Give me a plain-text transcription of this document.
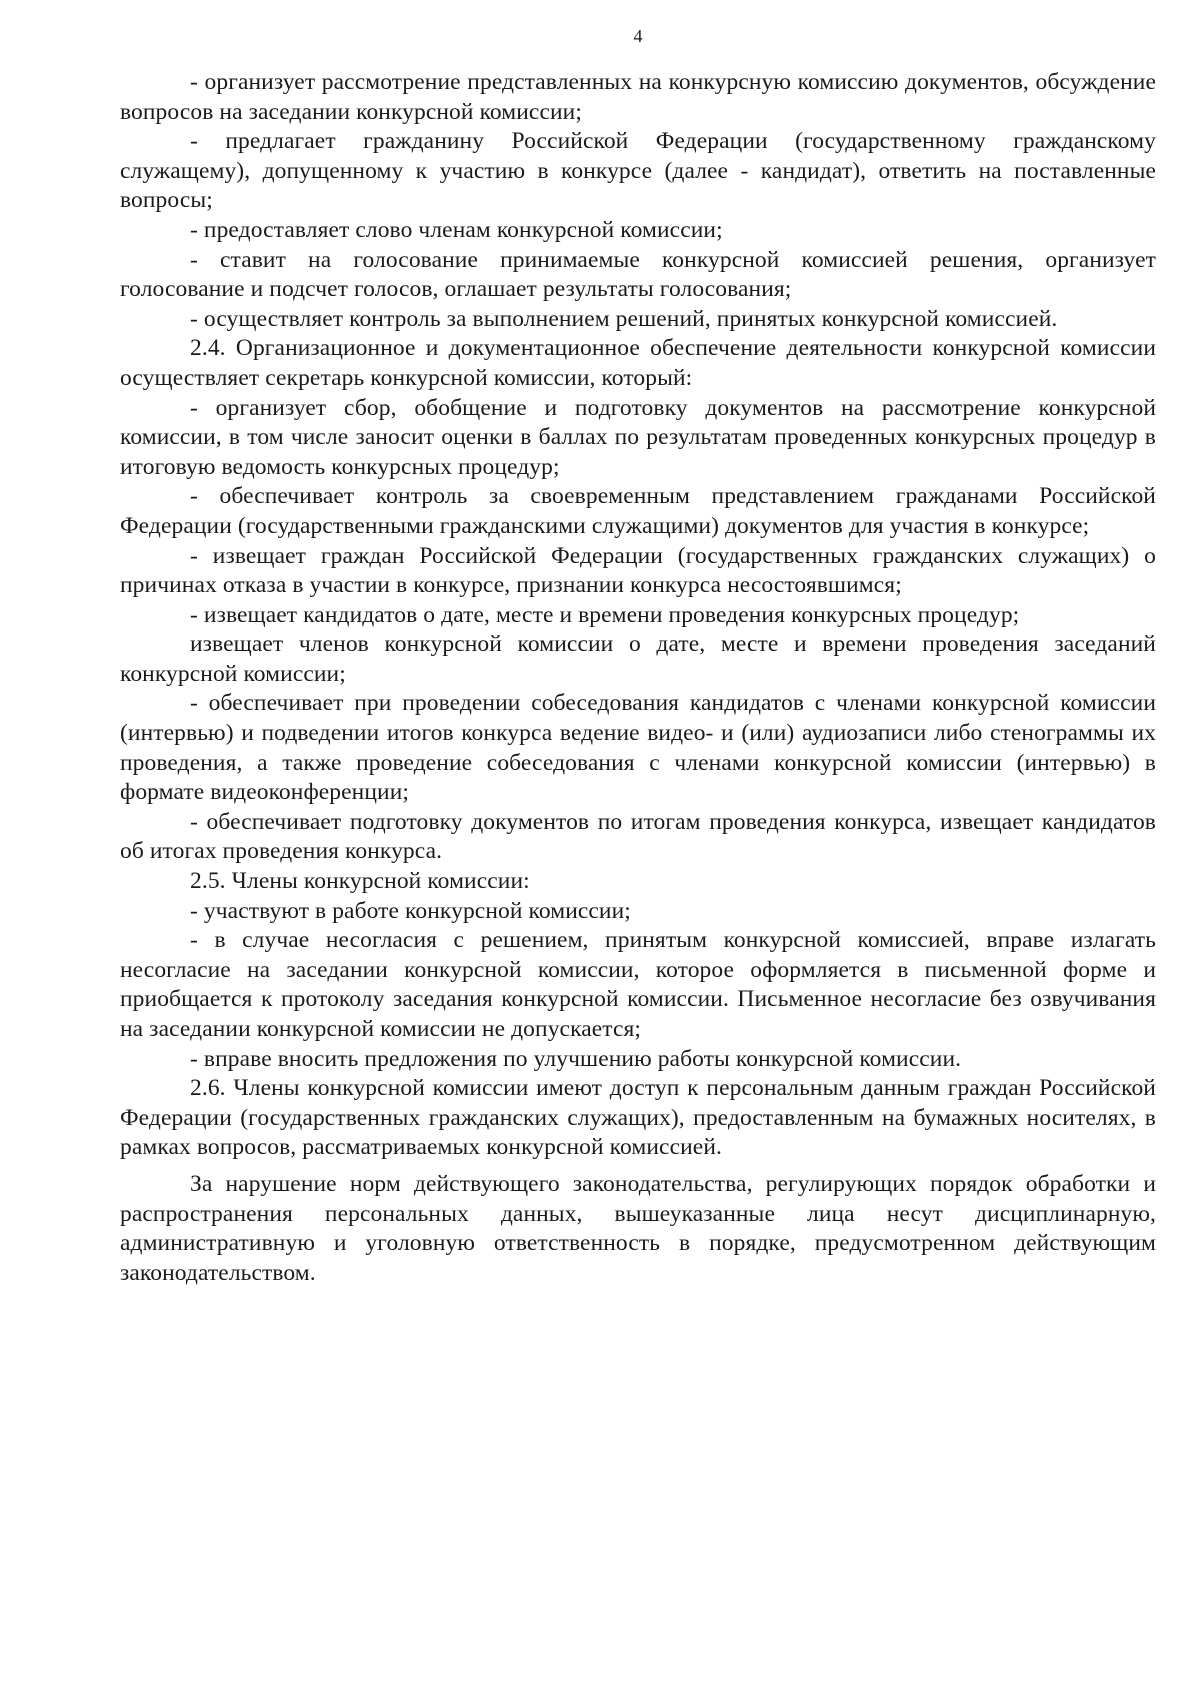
4

- организует рассмотрение представленных на конкурсную комиссию документов, обсуждение вопросов на заседании конкурсной комиссии;

- предлагает гражданину Российской Федерации (государственному гражданскому служащему), допущенному к участию в конкурсе (далее - кандидат), ответить на поставленные вопросы;

- предоставляет слово членам конкурсной комиссии;

- ставит на голосование принимаемые конкурсной комиссией решения, организует голосование и подсчет голосов, оглашает результаты голосования;

- осуществляет контроль за выполнением решений, принятых конкурсной комиссией.

2.4. Организационное и документационное обеспечение деятельности конкурсной комиссии осуществляет секретарь конкурсной комиссии, который:

- организует сбор, обобщение и подготовку документов на рассмотрение конкурсной комиссии, в том числе заносит оценки в баллах по результатам проведенных конкурсных процедур в итоговую ведомость конкурсных процедур;

- обеспечивает контроль за своевременным представлением гражданами Российской Федерации (государственными гражданскими служащими) документов для участия в конкурсе;

- извещает граждан Российской Федерации (государственных гражданских служащих) о причинах отказа в участии в конкурсе, признании конкурса несостоявшимся;

- извещает кандидатов о дате, месте и времени проведения конкурсных процедур;

извещает членов конкурсной комиссии о дате, месте и времени проведения заседаний конкурсной комиссии;

- обеспечивает при проведении собеседования кандидатов с членами конкурсной комиссии (интервью) и подведении итогов конкурса ведение видео- и (или) аудиозаписи либо стенограммы их проведения, а также проведение собеседования с членами конкурсной комиссии (интервью) в формате видеоконференции;

- обеспечивает подготовку документов по итогам проведения конкурса, извещает кандидатов об итогах проведения конкурса.

2.5. Члены конкурсной комиссии:

- участвуют в работе конкурсной комиссии;

- в случае несогласия с решением, принятым конкурсной комиссией, вправе излагать несогласие на заседании конкурсной комиссии, которое оформляется в письменной форме и приобщается к протоколу заседания конкурсной комиссии. Письменное несогласие без озвучивания на заседании конкурсной комиссии не допускается;

- вправе вносить предложения по улучшению работы конкурсной комиссии.

2.6. Члены конкурсной комиссии имеют доступ к персональным данным граждан Российской Федерации (государственных гражданских служащих), предоставленным на бумажных носителях, в рамках вопросов, рассматриваемых конкурсной комиссией.

За нарушение норм действующего законодательства, регулирующих порядок обработки и распространения персональных данных, вышеуказанные лица несут дисциплинарную, административную и уголовную ответственность в порядке, предусмотренном действующим законодательством.
